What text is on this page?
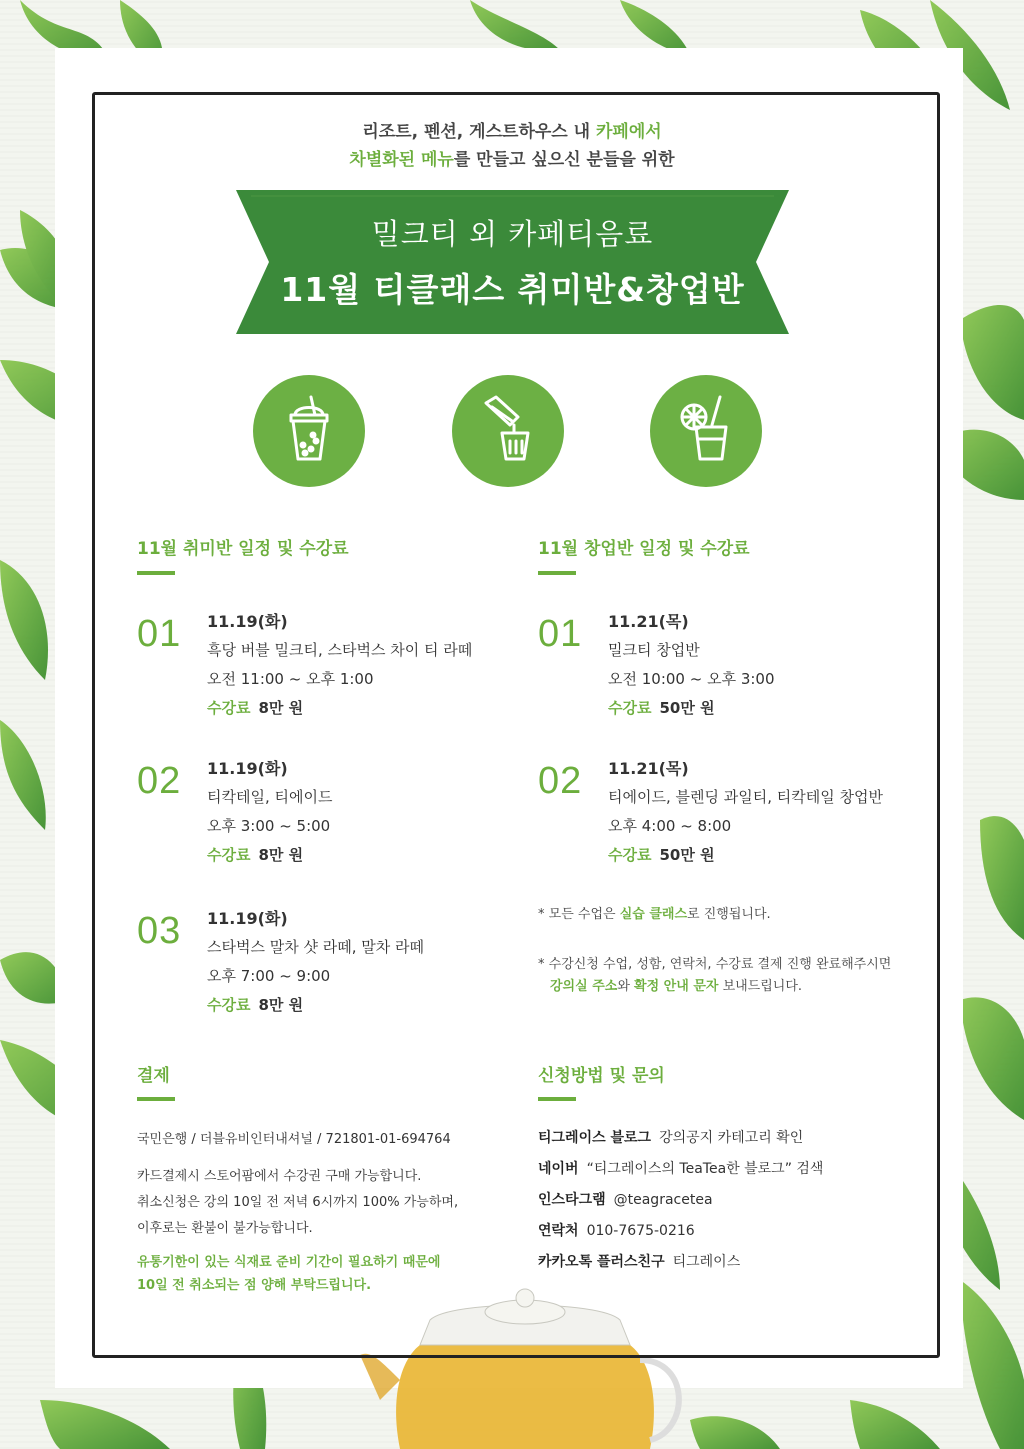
리조트, 펜션, 게스트하우스 내 카페에서
차별화된 메뉴를 만들고 싶으신 분들을 위한
밀크티 외 카페티음료
11월 티클래스 취미반&창업반
11월 취미반 일정 및 수강료
01 11.19(화)
흑당 버블 밀크티, 스타벅스 차이 티 라떼
오전 11:00 ~ 오후 1:00
수강료 8만 원
02 11.19(화)
티칵테일, 티에이드
오후 3:00 ~ 5:00
수강료 8만 원
03 11.19(화)
스타벅스 말차 샷 라떼, 말차 라떼
오후 7:00 ~ 9:00
수강료 8만 원
11월 창업반 일정 및 수강료
01 11.21(목)
밀크티 창업반
오전 10:00 ~ 오후 3:00
수강료 50만 원
02 11.21(목)
티에이드, 블렌딩 과일티, 티칵테일 창업반
오후 4:00 ~ 8:00
수강료 50만 원
* 모든 수업은 실습 클래스로 진행됩니다.
* 수강신청 수업, 성함, 연락처, 수강료 결제 진행 완료해주시면
강의실 주소와 확정 안내 문자 보내드립니다.
결제
국민은행 / 더블유비인터내셔널 / 721801-01-694764
카드결제시 스토어팜에서 수강권 구매 가능합니다.
취소신청은 강의 10일 전 저녁 6시까지 100% 가능하며,
이후로는 환불이 불가능합니다.
유통기한이 있는 식재료 준비 기간이 필요하기 때문에
10일 전 취소되는 점 양해 부탁드립니다.
신청방법 및 문의
티그레이스 블로그 강의공지 카테고리 확인
네이버 “티그레이스의 TeaTea한 블로그” 검색
인스타그램 @teagracetea
연락처 010-7675-0216
카카오톡 플러스친구 티그레이스
